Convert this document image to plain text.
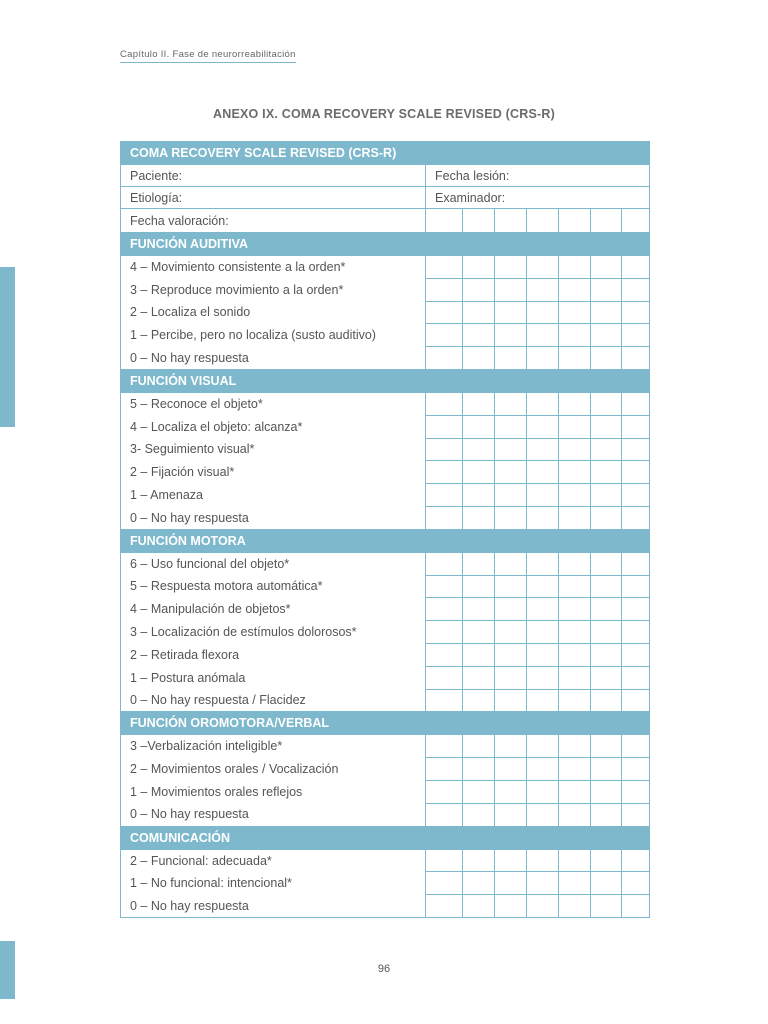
Capítulo II. Fase de neurorreabilitación
ANEXO IX. COMA RECOVERY SCALE REVISED (CRS-R)
COMA RECOVERY SCALE REVISED (CRS-R)							
Paciente:	Fecha lesión:						
Etiología:	Examinador:						
Fecha valoración:							
FUNCIÓN AUDITIVA							
4 – Movimiento consistente a la orden*							
3 – Reproduce movimiento a la orden*							
2 – Localiza el sonido							
1 – Percibe, pero no localiza (susto auditivo)							
0 – No hay respuesta							
FUNCIÓN VISUAL							
5 – Reconoce el objeto*							
4 – Localiza el objeto: alcanza*							
3- Seguimiento visual*							
2 – Fijación visual*							
1 – Amenaza							
0 – No hay respuesta							
FUNCIÓN MOTORA							
6 – Uso funcional del objeto*							
5 – Respuesta motora automática*							
4 – Manipulación de objetos*							
3 – Localización de estímulos dolorosos*							
2 – Retirada flexora							
1 – Postura anómala							
0 – No hay respuesta / Flacidez							
FUNCIÓN OROMOTORA/VERBAL							
3 –Verbalización inteligible*							
2 – Movimientos orales / Vocalización							
1 – Movimientos orales reflejos							
0 – No hay respuesta							
COMUNICACIÓN							
2 – Funcional: adecuada*							
1 – No funcional: intencional*							
0 – No hay respuesta							
96
